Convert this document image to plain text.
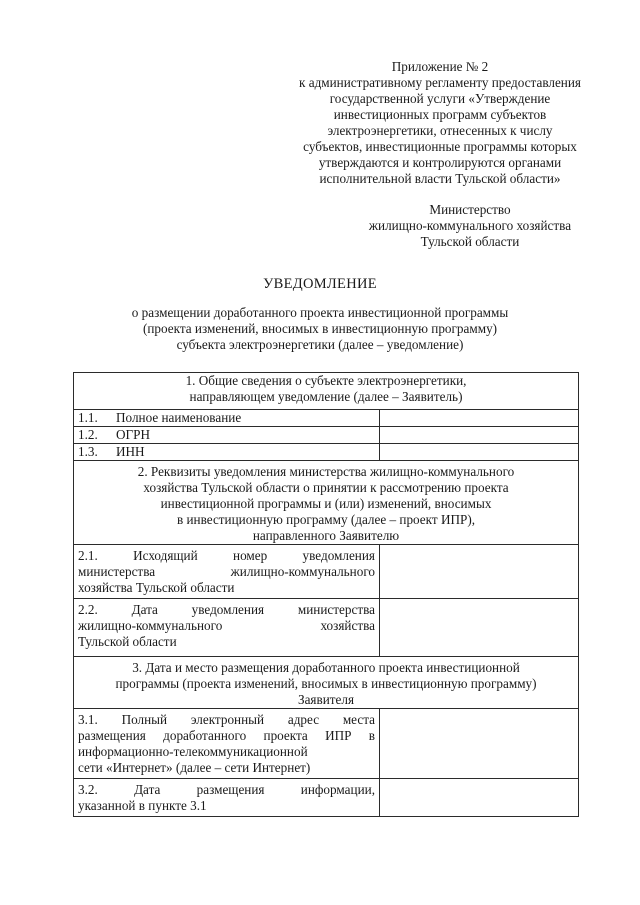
Приложение № 2
к административному регламенту предоставления
государственной услуги «Утверждение
инвестиционных программ субъектов
электроэнергетики, отнесенных к числу
субъектов, инвестиционные программы которых
утверждаются и контролируются органами
исполнительной власти Тульской области»
Министерство
жилищно-коммунального хозяйства
Тульской области
УВЕДОМЛЕНИЕ
о размещении доработанного проекта инвестиционной программы
(проекта изменений, вносимых в инвестиционную программу)
субъекта электроэнергетики (далее – уведомление)
1. Общие сведения о субъекте электроэнергетики,
направляющем уведомление (далее – Заявитель)	

1.1. Полное наименование	
1.2. ОГРН	
1.3. ИНН	

2. Реквизиты уведомления министерства жилищно-коммунального
хозяйства Тульской области о принятии к рассмотрению проекта
инвестиционной программы и (или) изменений, вносимых
в инвестиционную программу (далее – проект ИПР),
направленного Заявителю	

2.1. Исходящий номер уведомления
министерства жилищно-коммунального
хозяйства Тульской области	

2.2. Дата уведомления министерства
жилищно-коммунального хозяйства
Тульской области	

3. Дата и место размещения доработанного проекта инвестиционной
программы (проекта изменений, вносимых в инвестиционную программу)
Заявителя	

3.1. Полный электронный адрес места
размещения доработанного проекта ИПР в
информационно-телекоммуникационной
сети «Интернет» (далее – сети Интернет)	

3.2. Дата размещения информации,
указанной в пункте 3.1	
